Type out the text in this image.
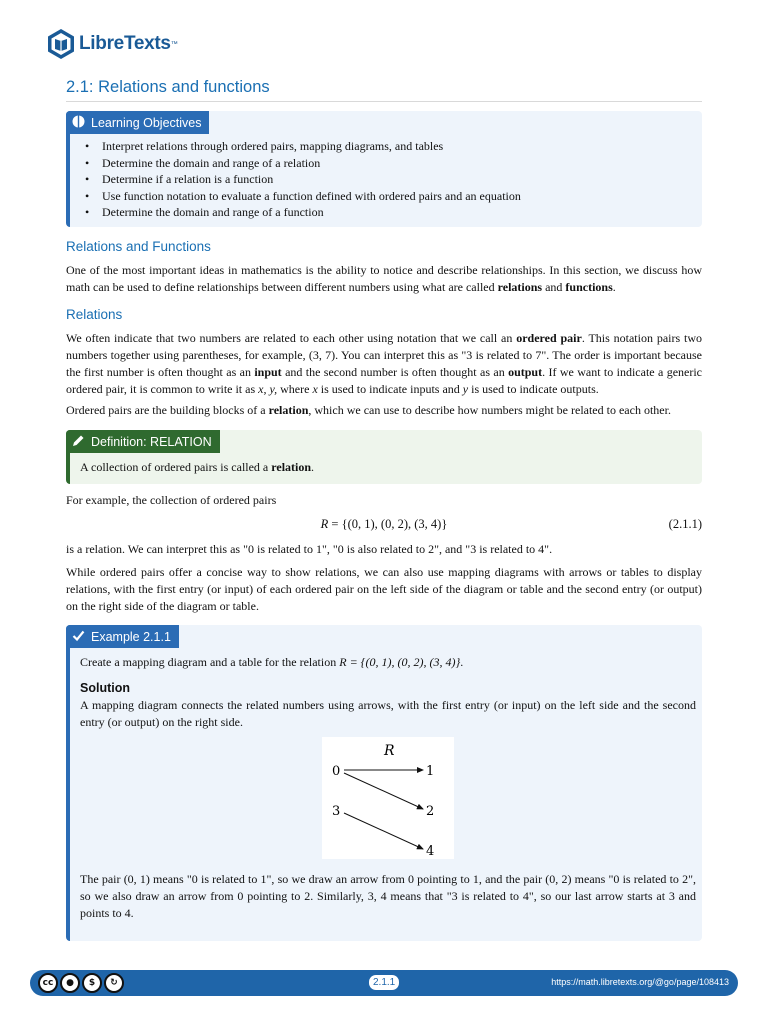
LibreTexts ™
2.1: Relations and functions
Learning Objectives
• Interpret relations through ordered pairs, mapping diagrams, and tables
• Determine the domain and range of a relation
• Determine if a relation is a function
• Use function notation to evaluate a function defined with ordered pairs and an equation
• Determine the domain and range of a function
Relations and Functions
One of the most important ideas in mathematics is the ability to notice and describe relationships. In this section, we discuss how math can be used to define relationships between different numbers using what are called relations and functions.
Relations
We often indicate that two numbers are related to each other using notation that we call an ordered pair. This notation pairs two numbers together using parentheses, for example, (3, 7). You can interpret this as "3 is related to 7". The order is important because the first number is often thought as an input and the second number is often thought as an output. If we want to indicate a generic ordered pair, it is common to write it as x, y, where x is used to indicate inputs and y is used to indicate outputs.
Ordered pairs are the building blocks of a relation, which we can use to describe how numbers might be related to each other.
Definition: RELATION
A collection of ordered pairs is called a relation.
For example, the collection of ordered pairs
R = {(0, 1), (0, 2), (3, 4)}	(2.1.1)
is a relation. We can interpret this as "0 is related to 1", "0 is also related to 2", and "3 is related to 4".
While ordered pairs offer a concise way to show relations, we can also use mapping diagrams with arrows or tables to display relations, with the first entry (or input) of each ordered pair on the left side of the diagram or table and the second entry (or output) on the right side of the diagram or table.
Example 2.1.1
Create a mapping diagram and a table for the relation R = {(0, 1), (0, 2), (3, 4)}.
Solution
A mapping diagram connects the related numbers using arrows, with the first entry (or input) on the left side and the second entry (or output) on the right side.
R
0
3
1
2
4
The pair (0, 1) means "0 is related to 1", so we draw an arrow from 0 pointing to 1, and the pair (0, 2) means "0 is related to 2", so we also draw an arrow from 0 pointing to 2. Similarly, 3, 4 means that "3 is related to 4", so our last arrow starts at 3 and points to 4.
cc	●	$	↻	2.1.1	https://math.libretexts.org/@go/page/108413
